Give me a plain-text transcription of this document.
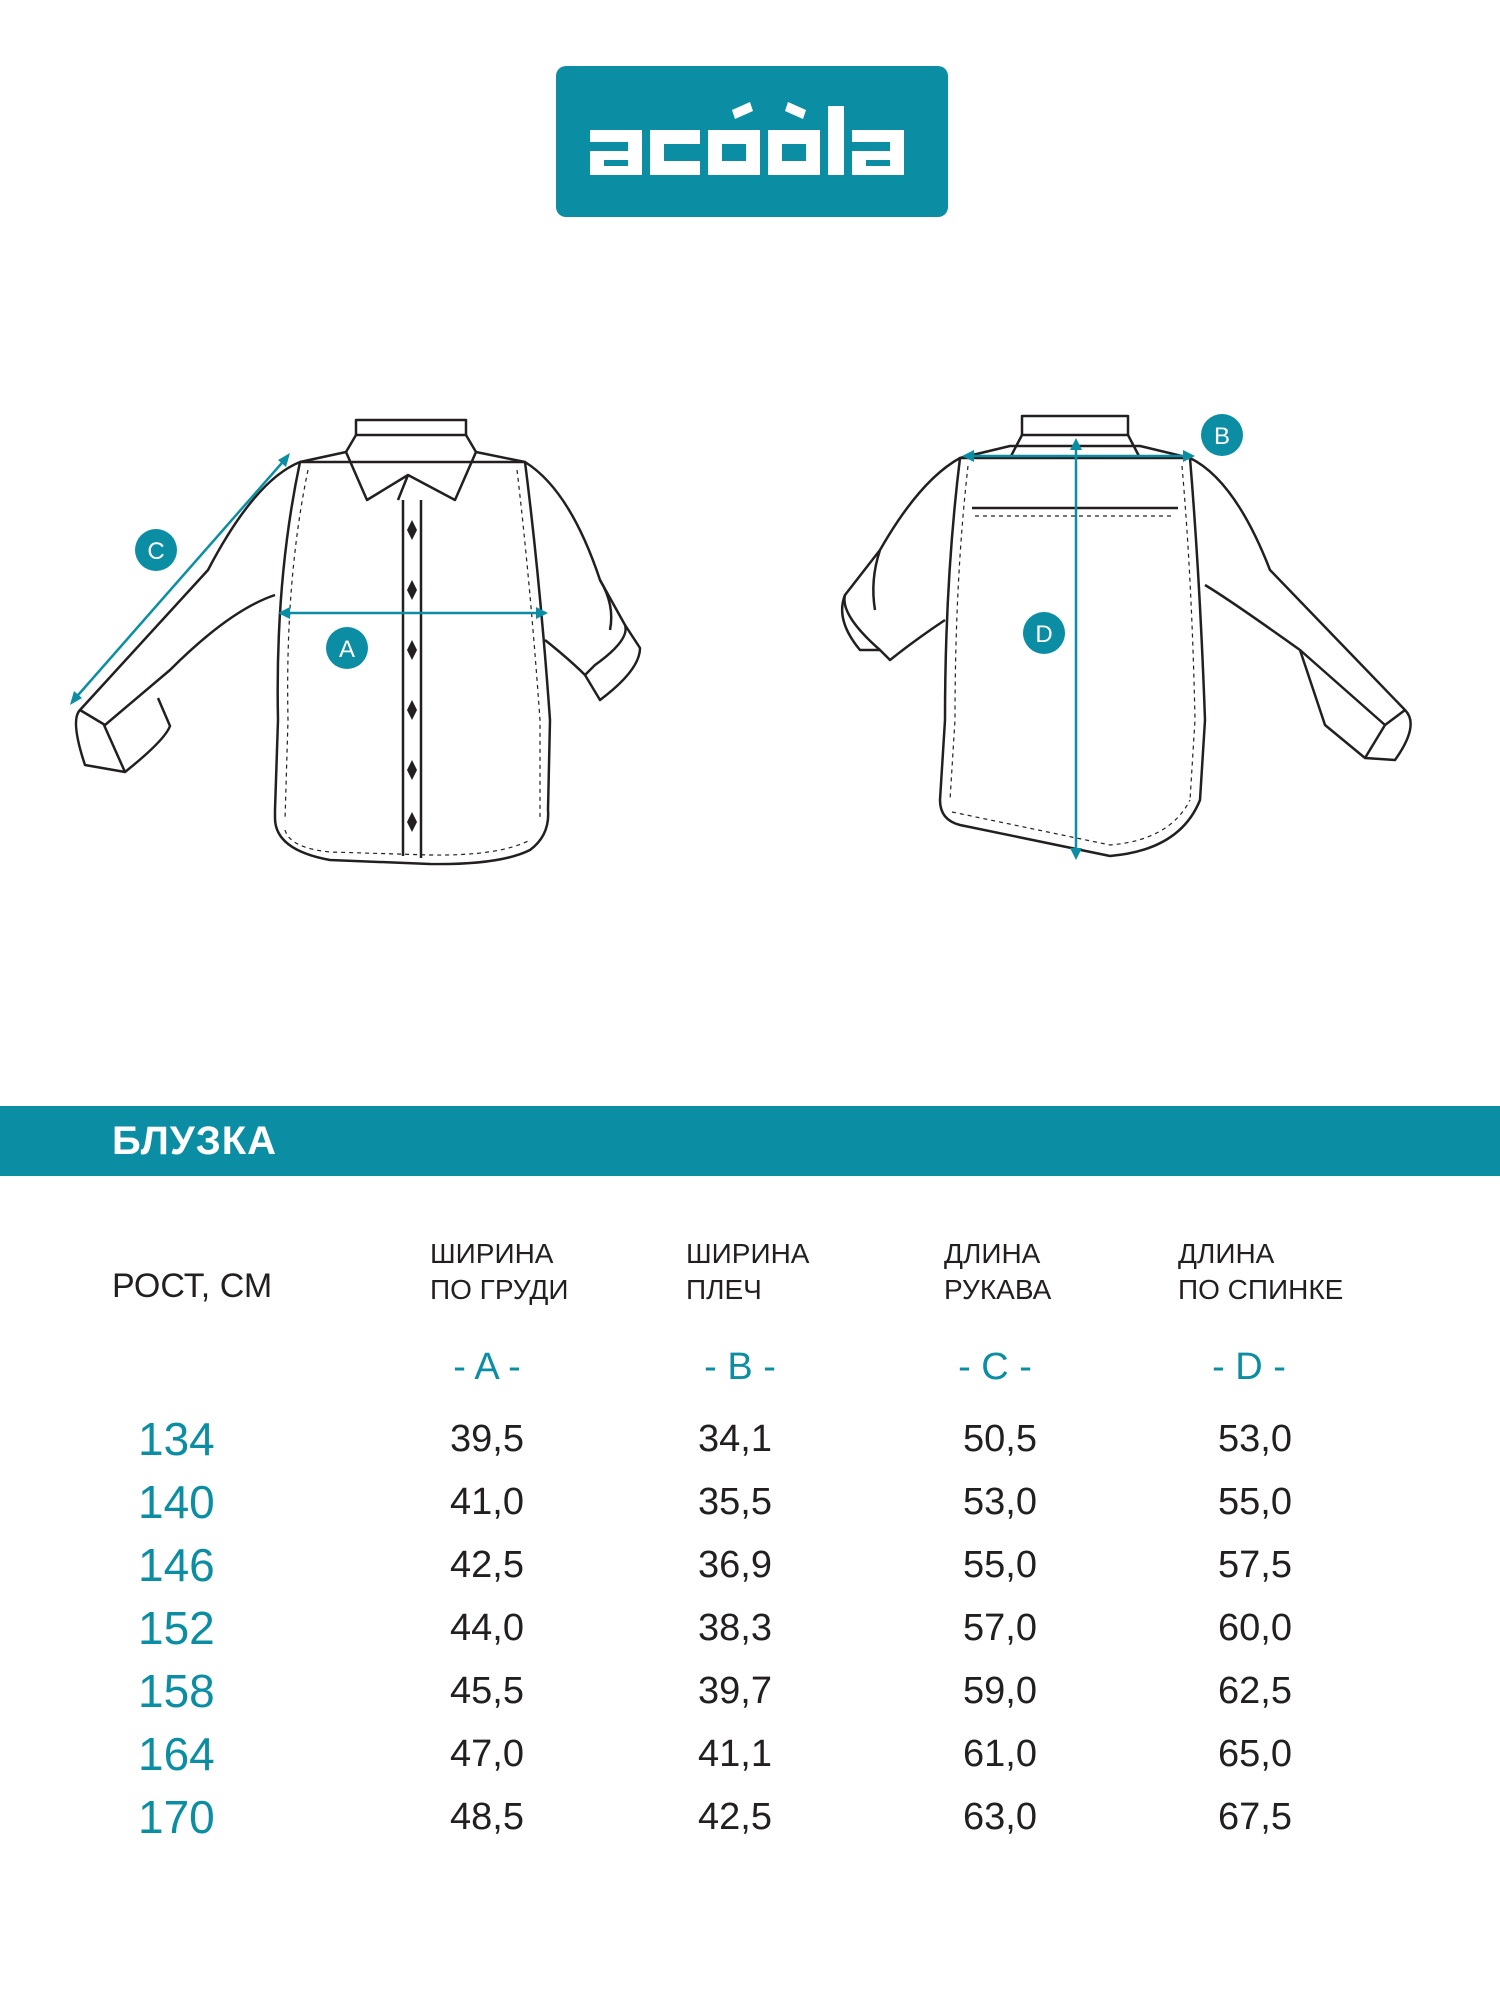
A
B
C
D
БЛУЗКА
РОСТ, СМ
ШИРИНА
ПО ГРУДИ
ШИРИНА
ПЛЕЧ
ДЛИНА
РУКАВА
ДЛИНА
ПО СПИНКЕ
- A -	- B -	- C -	- D -
134	39,5	34,1	50,5	53,0
140	41,0	35,5	53,0	55,0
146	42,5	36,9	55,0	57,5
152	44,0	38,3	57,0	60,0
158	45,5	39,7	59,0	62,5
164	47,0	41,1	61,0	65,0
170	48,5	42,5	63,0	67,5
